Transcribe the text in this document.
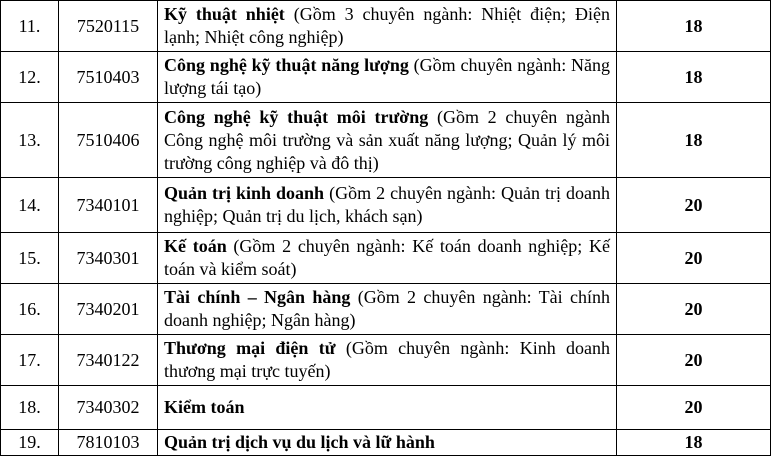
11.	7520115	Kỹ thuật nhiệt (Gồm 3 chuyên ngành: Nhiệt điện; Điện lạnh; Nhiệt công nghiệp)	18
12.	7510403	Công nghệ kỹ thuật năng lượng (Gồm chuyên ngành: Năng lượng tái tạo)	18
13.	7510406	Công nghệ kỹ thuật môi trường (Gồm 2 chuyên ngành Công nghệ môi trường và sản xuất năng lượng; Quản lý môi trường công nghiệp và đô thị)	18
14.	7340101	Quản trị kinh doanh (Gồm 2 chuyên ngành: Quản trị doanh nghiệp; Quản trị du lịch, khách sạn)	20
15.	7340301	Kế toán (Gồm 2 chuyên ngành: Kế toán doanh nghiệp; Kế toán và kiểm soát)	20
16.	7340201	Tài chính – Ngân hàng (Gồm 2 chuyên ngành: Tài chính doanh nghiệp; Ngân hàng)	20
17.	7340122	Thương mại điện tử (Gồm chuyên ngành: Kinh doanh thương mại trực tuyến)	20
18.	7340302	Kiểm toán	20
19.	7810103	Quản trị dịch vụ du lịch và lữ hành	18
